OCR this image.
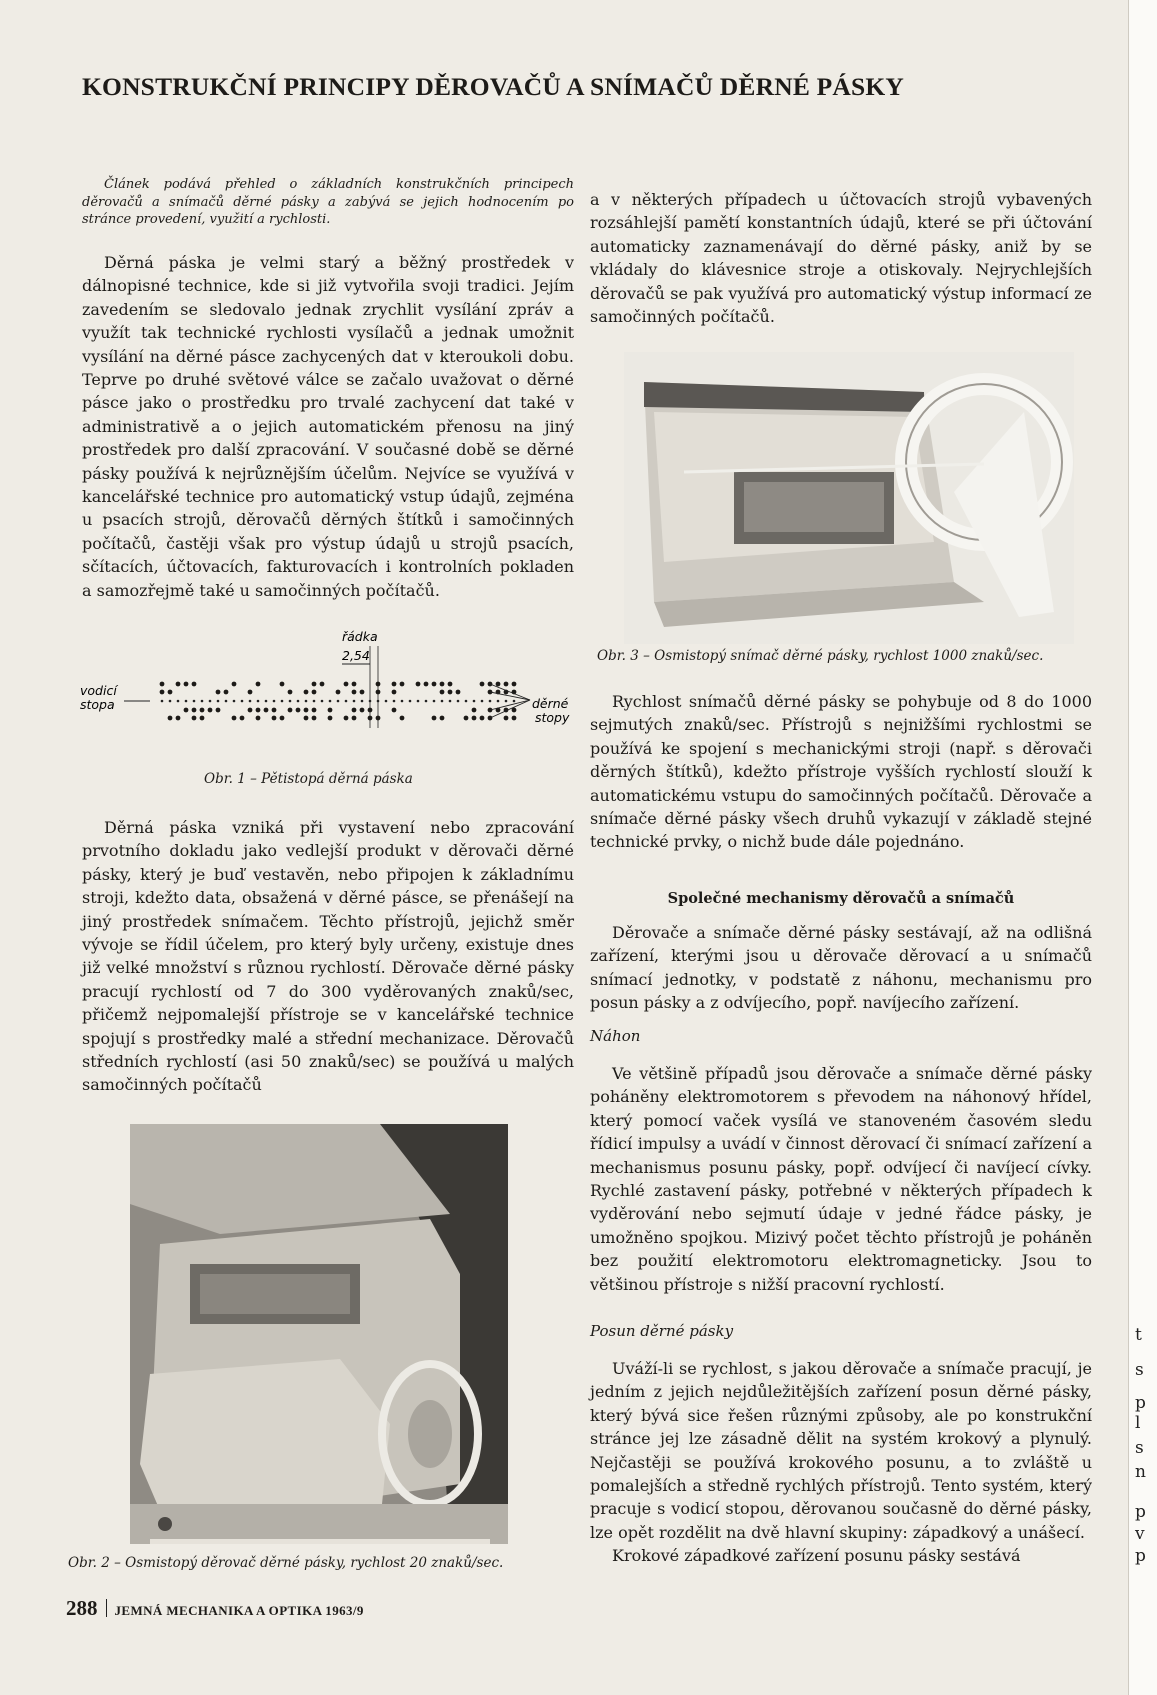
KONSTRUKČNÍ PRINCIPY DĚROVAČŮ A SNÍMAČŮ DĚRNÉ PÁSKY

Článek podává přehled o základních konstrukčních principech děrovačů a snímačů děrné pásky a zabývá se jejich hodnocením po stránce provedení, využití a rychlosti.

Děrná páska je velmi starý a běžný prostředek v dálnopisné technice, kde si již vytvořila svoji tradici. Jejím zavedením se sledovalo jednak zrychlit vysílání zpráv a využít tak technické rychlosti vysílačů a jednak umožnit vysílání na děrné pásce zachycených dat v kteroukoli dobu. Teprve po druhé světové válce se začalo uvažovat o děrné pásce jako o prostředku pro trvalé zachycení dat také v administrativě a o jejich automatickém přenosu na jiný prostředek pro další zpracování. V současné době se děrné pásky používá k nejrůznějším účelům. Nejvíce se využívá v kancelářské technice pro automatický vstup údajů, zejména u psacích strojů, děrovačů děrných štítků i samočinných počítačů, častěji však pro výstup údajů u strojů psacích, sčítacích, účtovacích, fakturovacích i kontrolních pokladen a samozřejmě také u samočinných počítačů.

řádka
2,54
vodicí
stopa	děrné
stopy
Obr. 1 – Pětistopá děrná páska

Děrná páska vzniká při vystavení nebo zpracování prvotního dokladu jako vedlejší produkt v děrovači děrné pásky, který je buď vestavěn, nebo připojen k základnímu stroji, kdežto data, obsažená v děrné pásce, se přenášejí na jiný prostředek snímačem. Těchto přístrojů, jejichž směr vývoje se řídil účelem, pro který byly určeny, existuje dnes již velké množství s různou rychlostí. Děrovače děrné pásky pracují rychlostí od 7 do 300 vyděrovaných znaků/sec, přičemž nejpomalejší přístroje se v kancelářské technice spojují s prostředky malé a střední mechanizace. Děrovačů středních rychlostí (asi 50 znaků/sec) se používá u malých samočinných počítačů

Obr. 2 – Osmistopý děrovač děrné pásky, rychlost 20 znaků/sec.

a v některých případech u účtovacích strojů vybavených rozsáhlejší pamětí konstantních údajů, které se při účtování automaticky zaznamenávají do děrné pásky, aniž by se vkládaly do klávesnice stroje a otiskovaly. Nejrychlejších děrovačů se pak využívá pro automatický výstup informací ze samočinných počítačů.

Obr. 3 – Osmistopý snímač děrné pásky, rychlost 1000 znaků/sec.

Rychlost snímačů děrné pásky se pohybuje od 8 do 1000 sejmutých znaků/sec. Přístrojů s nejnižšími rychlostmi se používá ke spojení s mechanickými stroji (např. s děrovači děrných štítků), kdežto přístroje vyšších rychlostí slouží k automatickému vstupu do samočinných počítačů. Děrovače a snímače děrné pásky všech druhů vykazují v základě stejné technické prvky, o nichž bude dále pojednáno.

Společné mechanismy děrovačů a snímačů

Děrovače a snímače děrné pásky sestávají, až na odlišná zařízení, kterými jsou u děrovače děrovací a u snímačů snímací jednotky, v podstatě z náhonu, mechanismu pro posun pásky a z odvíjecího, popř. navíjecího zařízení.

Náhon

Ve většině případů jsou děrovače a snímače děrné pásky poháněny elektromotorem s převodem na náhonový hřídel, který pomocí vaček vysílá ve stanoveném časovém sledu řídicí impulsy a uvádí v činnost děrovací či snímací zařízení a mechanismus posunu pásky, popř. odvíjecí či navíjecí cívky. Rychlé zastavení pásky, potřebné v některých případech k vyděrování nebo sejmutí údaje v jedné řádce pásky, je umožněno spojkou. Mizivý počet těchto přístrojů je poháněn bez použití elektromotoru elektromagneticky. Jsou to většinou přístroje s nižší pracovní rychlostí.

Posun děrné pásky

Uváží-li se rychlost, s jakou děrovače a snímače pracují, je jedním z jejich nejdůležitějších zařízení posun děrné pásky, který bývá sice řešen různými způsoby, ale po konstrukční stránce jej lze zásadně dělit na systém krokový a plynulý. Nejčastěji se používá krokového posunu, a to zvláště u pomalejších a středně rychlých přístrojů. Tento systém, který pracuje s vodicí stopou, děrovanou současně do děrné pásky, lze opět rozdělit na dvě hlavní skupiny: západkový a unášecí.

Krokové západkové zařízení posunu pásky sestává

288 JEMNÁ MECHANIKA A OPTIKA 1963/9
t
s
p
l
s
n
p
v
p
